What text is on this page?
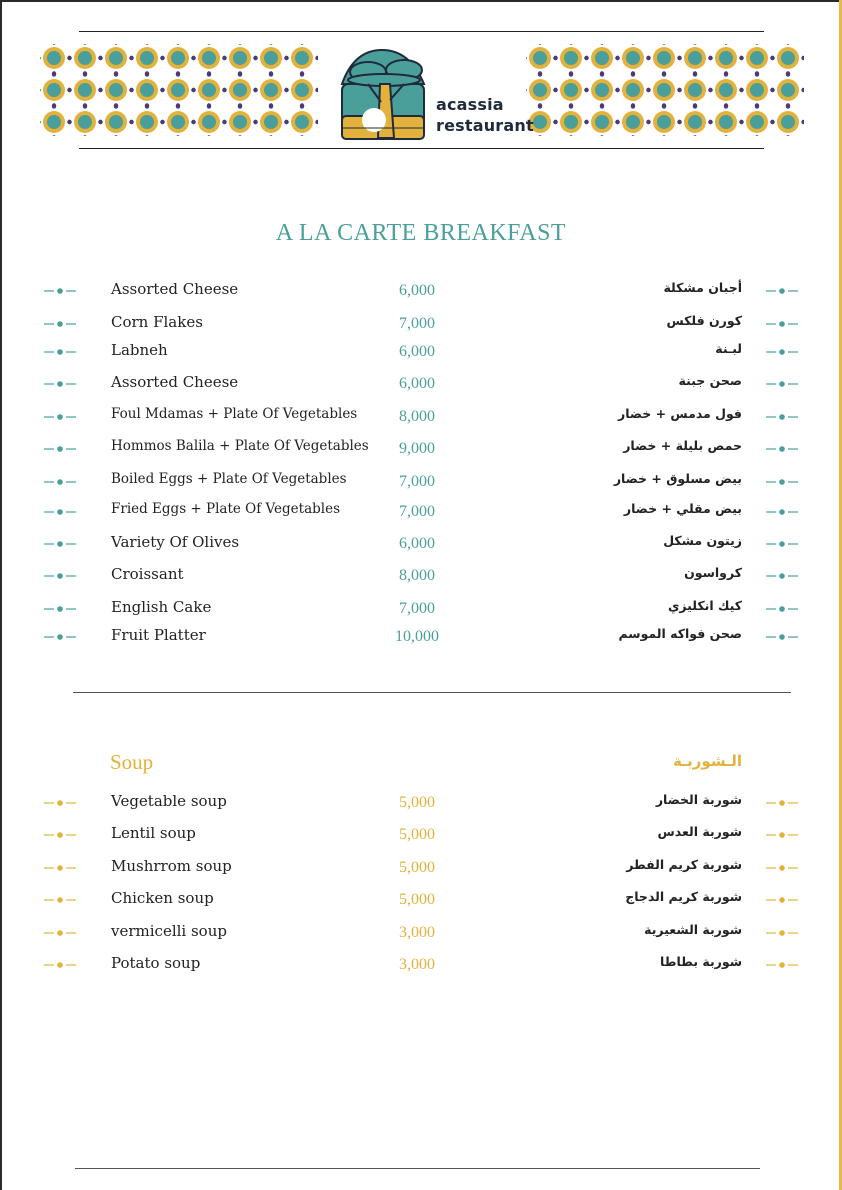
acassia
restaurant
A LA CARTE BREAKFAST
Assorted Cheese	6,000	أجبان مشكلة
Corn Flakes	7,000	كورن فلكس
Labneh	6,000	لبـنة
Assorted Cheese	6,000	صحن جبنة
Foul Mdamas + Plate Of Vegetables	8,000	فول مدمس + خضار
Hommos Balila + Plate Of Vegetables	9,000	حمص بليلة + خضار
Boiled Eggs + Plate Of Vegetables	7,000	بيض مسلوق + خضار
Fried Eggs + Plate Of Vegetables	7,000	بيض مقلي + خضار
Variety Of Olives	6,000	زيتون مشكل
Croissant	8,000	كرواسون
English Cake	7,000	كيك انكليزي
Fruit Platter	10,000	صحن فواكه الموسم
Soup	الـشوربـة
Vegetable soup	5,000	شوربة الخضار
Lentil soup	5,000	شوربة العدس
Mushrrom soup	5,000	شوربة كريم الفطر
Chicken soup	5,000	شوربة كريم الدجاج
vermicelli soup	3,000	شوربة الشعيرية
Potato soup	3,000	شوربة بطاطا
